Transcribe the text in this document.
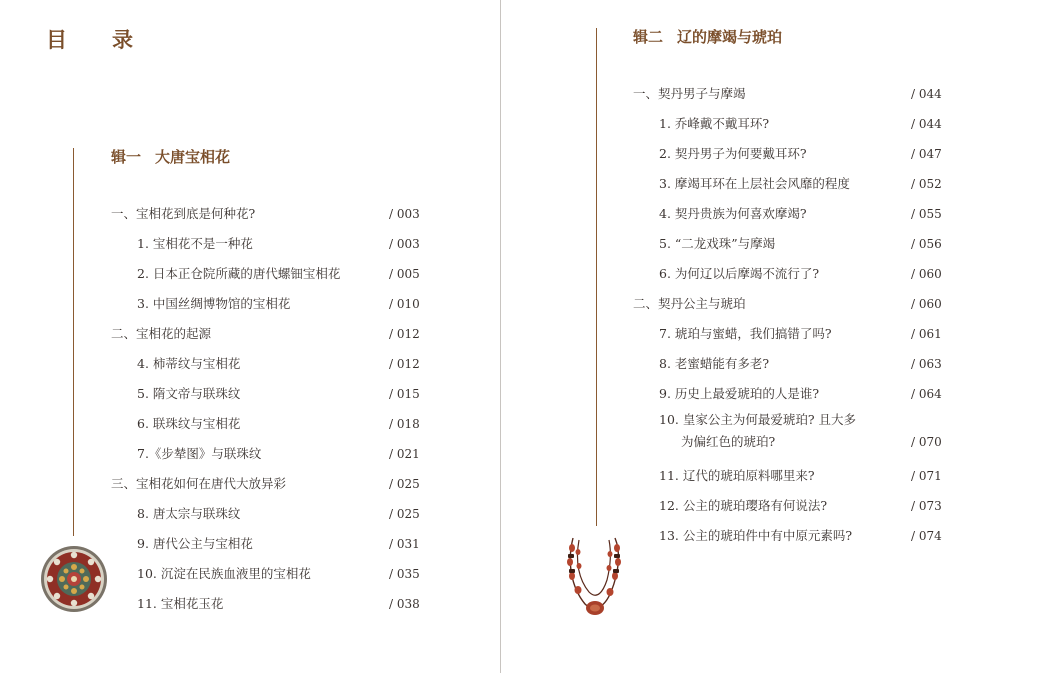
目　录
辑一 大唐宝相花
一、宝相花到底是何种花?	/ 003
1. 宝相花不是一种花	/ 003
2. 日本正仓院所藏的唐代螺钿宝相花	/ 005
3. 中国丝绸博物馆的宝相花	/ 010
二、宝相花的起源	/ 012
4. 柿蒂纹与宝相花	/ 012
5. 隋文帝与联珠纹	/ 015
6. 联珠纹与宝相花	/ 018
7.《步辇图》与联珠纹	/ 021
三、宝相花如何在唐代大放异彩	/ 025
8. 唐太宗与联珠纹	/ 025
9. 唐代公主与宝相花	/ 031
10. 沉淀在民族血液里的宝相花	/ 035
11. 宝相花玉花	/ 038
辑二 辽的摩竭与琥珀
一、契丹男子与摩竭	/ 044
1. 乔峰戴不戴耳环?	/ 044
2. 契丹男子为何要戴耳环?	/ 047
3. 摩竭耳环在上层社会风靡的程度	/ 052
4. 契丹贵族为何喜欢摩竭?	/ 055
5. “二龙戏珠”与摩竭	/ 056
6. 为何辽以后摩竭不流行了?	/ 060
二、契丹公主与琥珀	/ 060
7. 琥珀与蜜蜡，我们搞错了吗?	/ 061
8. 老蜜蜡能有多老?	/ 063
9. 历史上最爱琥珀的人是谁?	/ 064
10. 皇家公主为何最爱琥珀? 且大多
为偏红色的琥珀?	/ 070
11. 辽代的琥珀原料哪里来?	/ 071
12. 公主的琥珀璎珞有何说法?	/ 073
13. 公主的琥珀件中有中原元素吗?	/ 074
